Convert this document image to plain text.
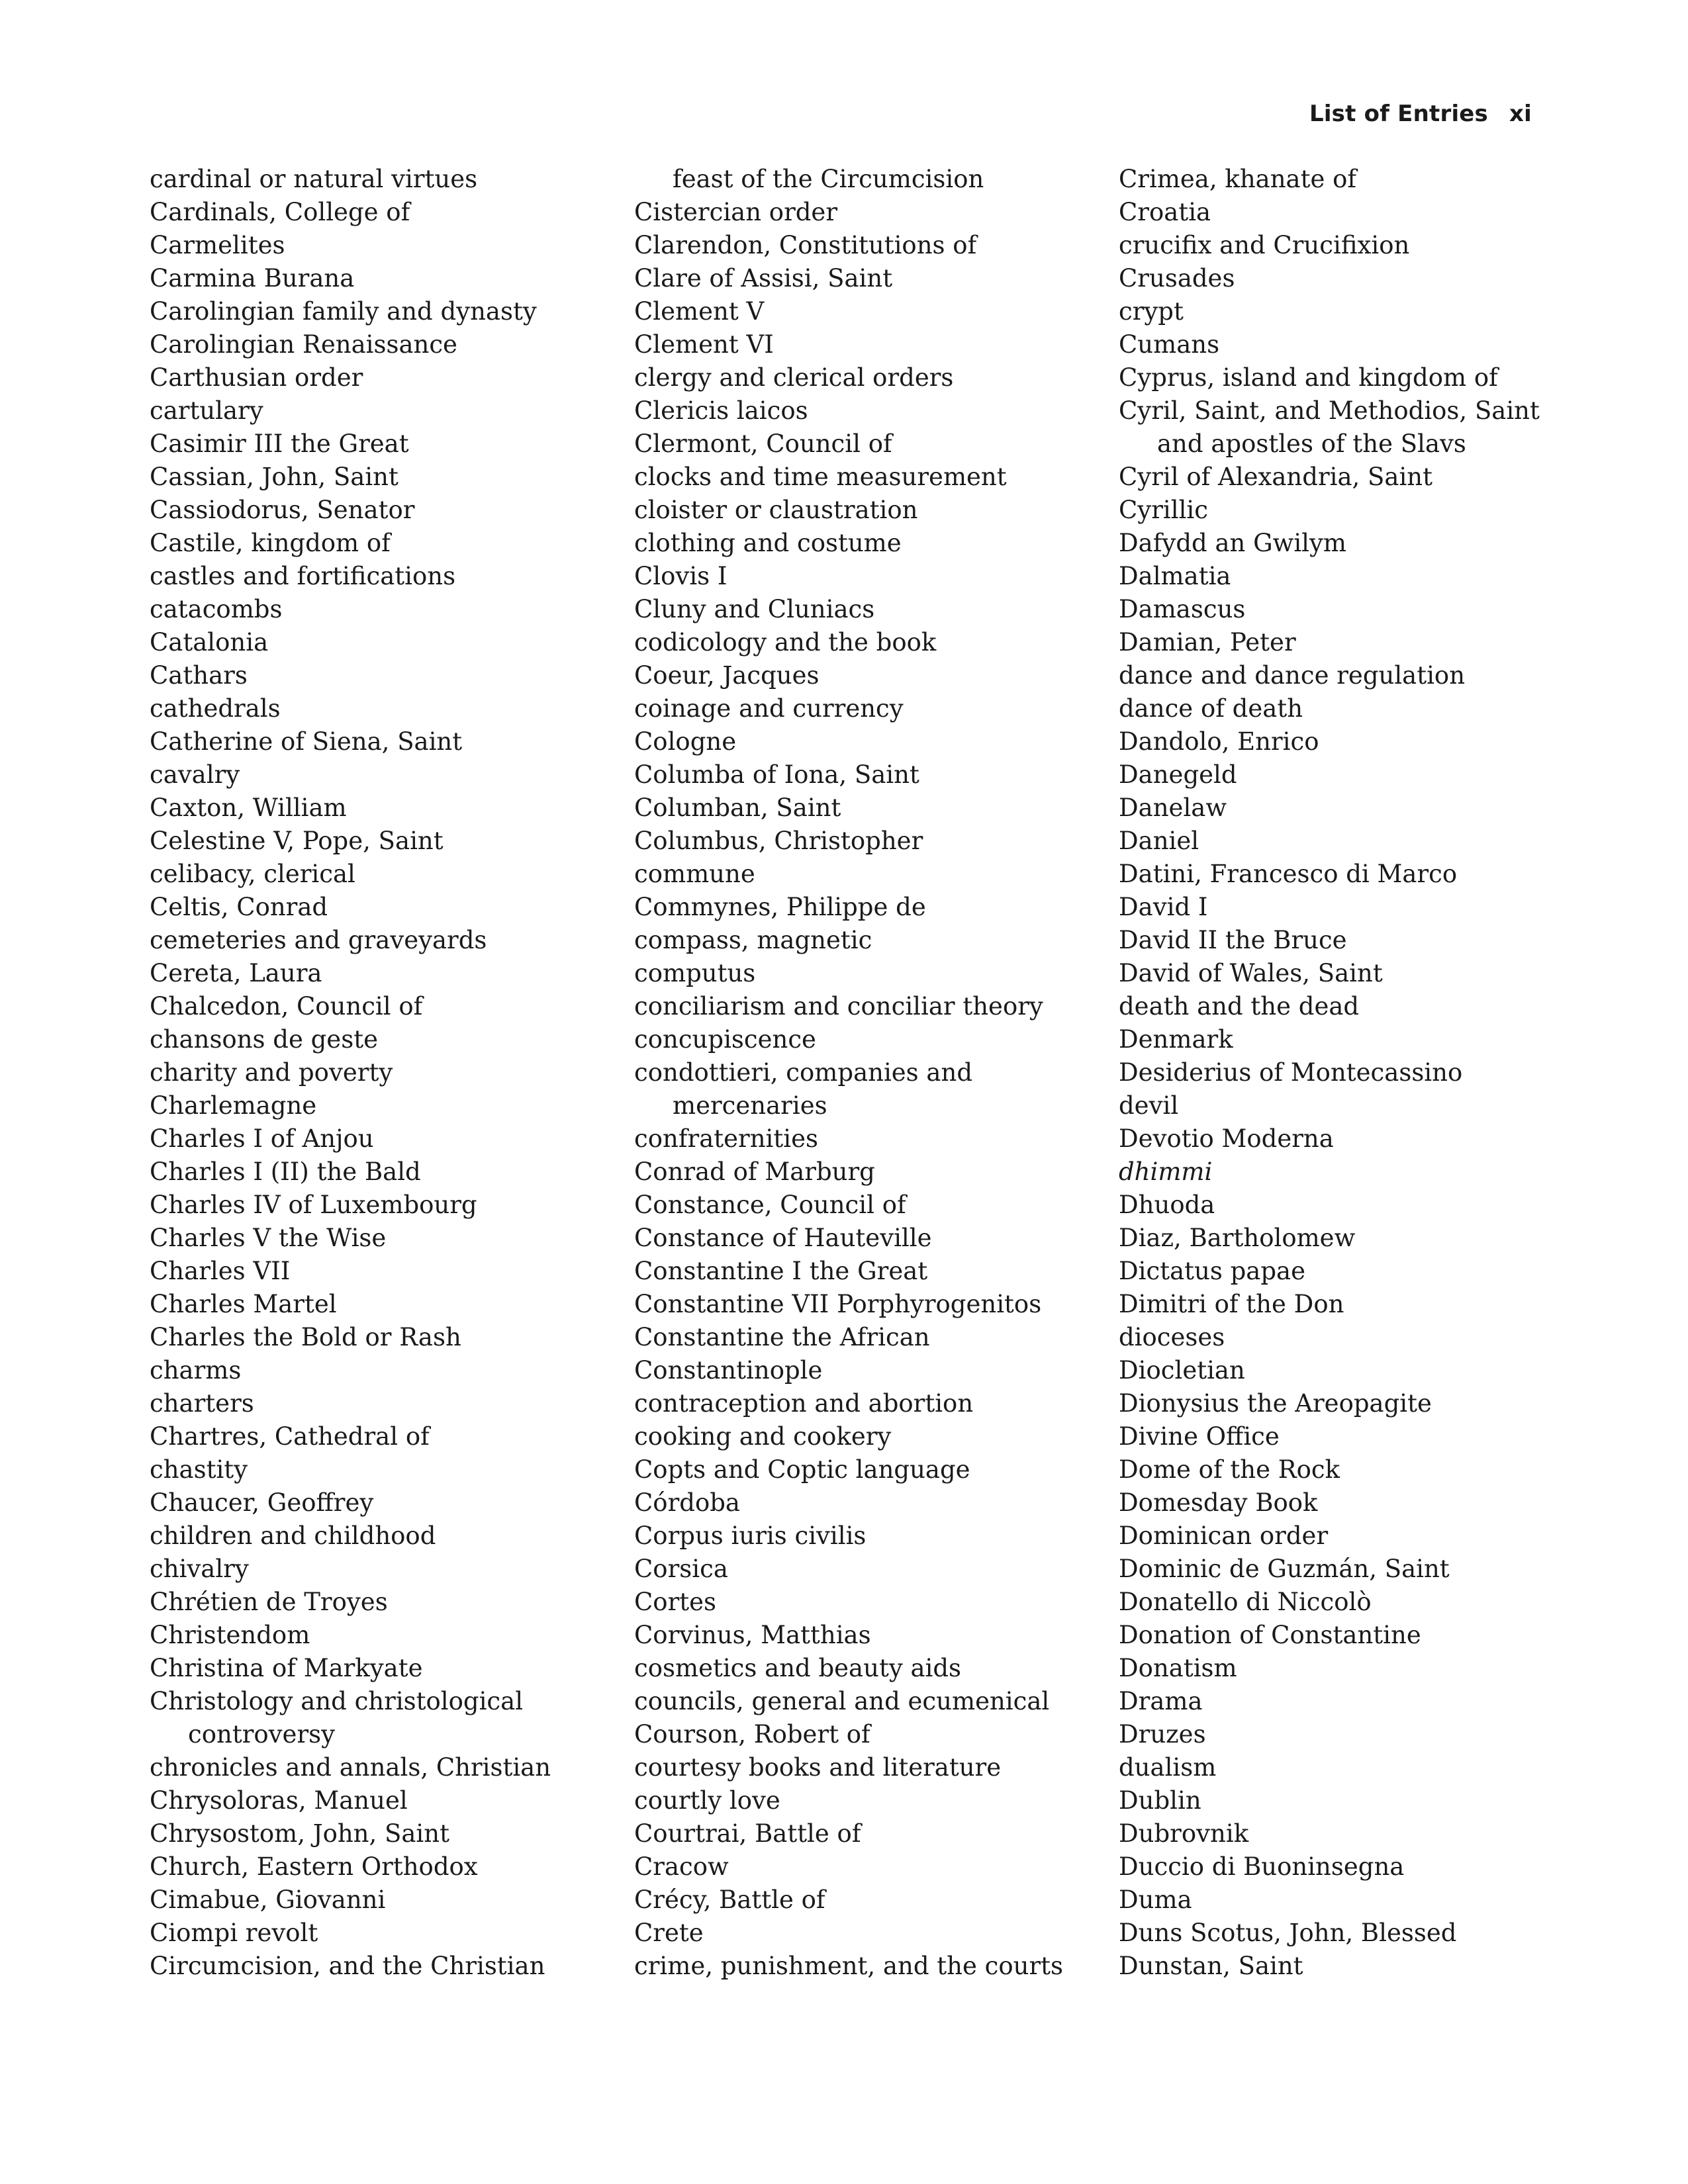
List of Entries xi
cardinal or natural virtues
Cardinals, College of
Carmelites
Carmina Burana
Carolingian family and dynasty
Carolingian Renaissance
Carthusian order
cartulary
Casimir III the Great
Cassian, John, Saint
Cassiodorus, Senator
Castile, kingdom of
castles and fortifications
catacombs
Catalonia
Cathars
cathedrals
Catherine of Siena, Saint
cavalry
Caxton, William
Celestine V, Pope, Saint
celibacy, clerical
Celtis, Conrad
cemeteries and graveyards
Cereta, Laura
Chalcedon, Council of
chansons de geste
charity and poverty
Charlemagne
Charles I of Anjou
Charles I (II) the Bald
Charles IV of Luxembourg
Charles V the Wise
Charles VII
Charles Martel
Charles the Bold or Rash
charms
charters
Chartres, Cathedral of
chastity
Chaucer, Geoffrey
children and childhood
chivalry
Chrétien de Troyes
Christendom
Christina of Markyate
Christology and christological
controversy
chronicles and annals, Christian
Chrysoloras, Manuel
Chrysostom, John, Saint
Church, Eastern Orthodox
Cimabue, Giovanni
Ciompi revolt
Circumcision, and the Christian
feast of the Circumcision
Cistercian order
Clarendon, Constitutions of
Clare of Assisi, Saint
Clement V
Clement VI
clergy and clerical orders
Clericis laicos
Clermont, Council of
clocks and time measurement
cloister or claustration
clothing and costume
Clovis I
Cluny and Cluniacs
codicology and the book
Coeur, Jacques
coinage and currency
Cologne
Columba of Iona, Saint
Columban, Saint
Columbus, Christopher
commune
Commynes, Philippe de
compass, magnetic
computus
conciliarism and conciliar theory
concupiscence
condottieri, companies and
mercenaries
confraternities
Conrad of Marburg
Constance, Council of
Constance of Hauteville
Constantine I the Great
Constantine VII Porphyrogenitos
Constantine the African
Constantinople
contraception and abortion
cooking and cookery
Copts and Coptic language
Córdoba
Corpus iuris civilis
Corsica
Cortes
Corvinus, Matthias
cosmetics and beauty aids
councils, general and ecumenical
Courson, Robert of
courtesy books and literature
courtly love
Courtrai, Battle of
Cracow
Crécy, Battle of
Crete
crime, punishment, and the courts
Crimea, khanate of
Croatia
crucifix and Crucifixion
Crusades
crypt
Cumans
Cyprus, island and kingdom of
Cyril, Saint, and Methodios, Saint
and apostles of the Slavs
Cyril of Alexandria, Saint
Cyrillic
Dafydd an Gwilym
Dalmatia
Damascus
Damian, Peter
dance and dance regulation
dance of death
Dandolo, Enrico
Danegeld
Danelaw
Daniel
Datini, Francesco di Marco
David I
David II the Bruce
David of Wales, Saint
death and the dead
Denmark
Desiderius of Montecassino
devil
Devotio Moderna
dhimmi
Dhuoda
Diaz, Bartholomew
Dictatus papae
Dimitri of the Don
dioceses
Diocletian
Dionysius the Areopagite
Divine Office
Dome of the Rock
Domesday Book
Dominican order
Dominic de Guzmán, Saint
Donatello di Niccolò
Donation of Constantine
Donatism
Drama
Druzes
dualism
Dublin
Dubrovnik
Duccio di Buoninsegna
Duma
Duns Scotus, John, Blessed
Dunstan, Saint
